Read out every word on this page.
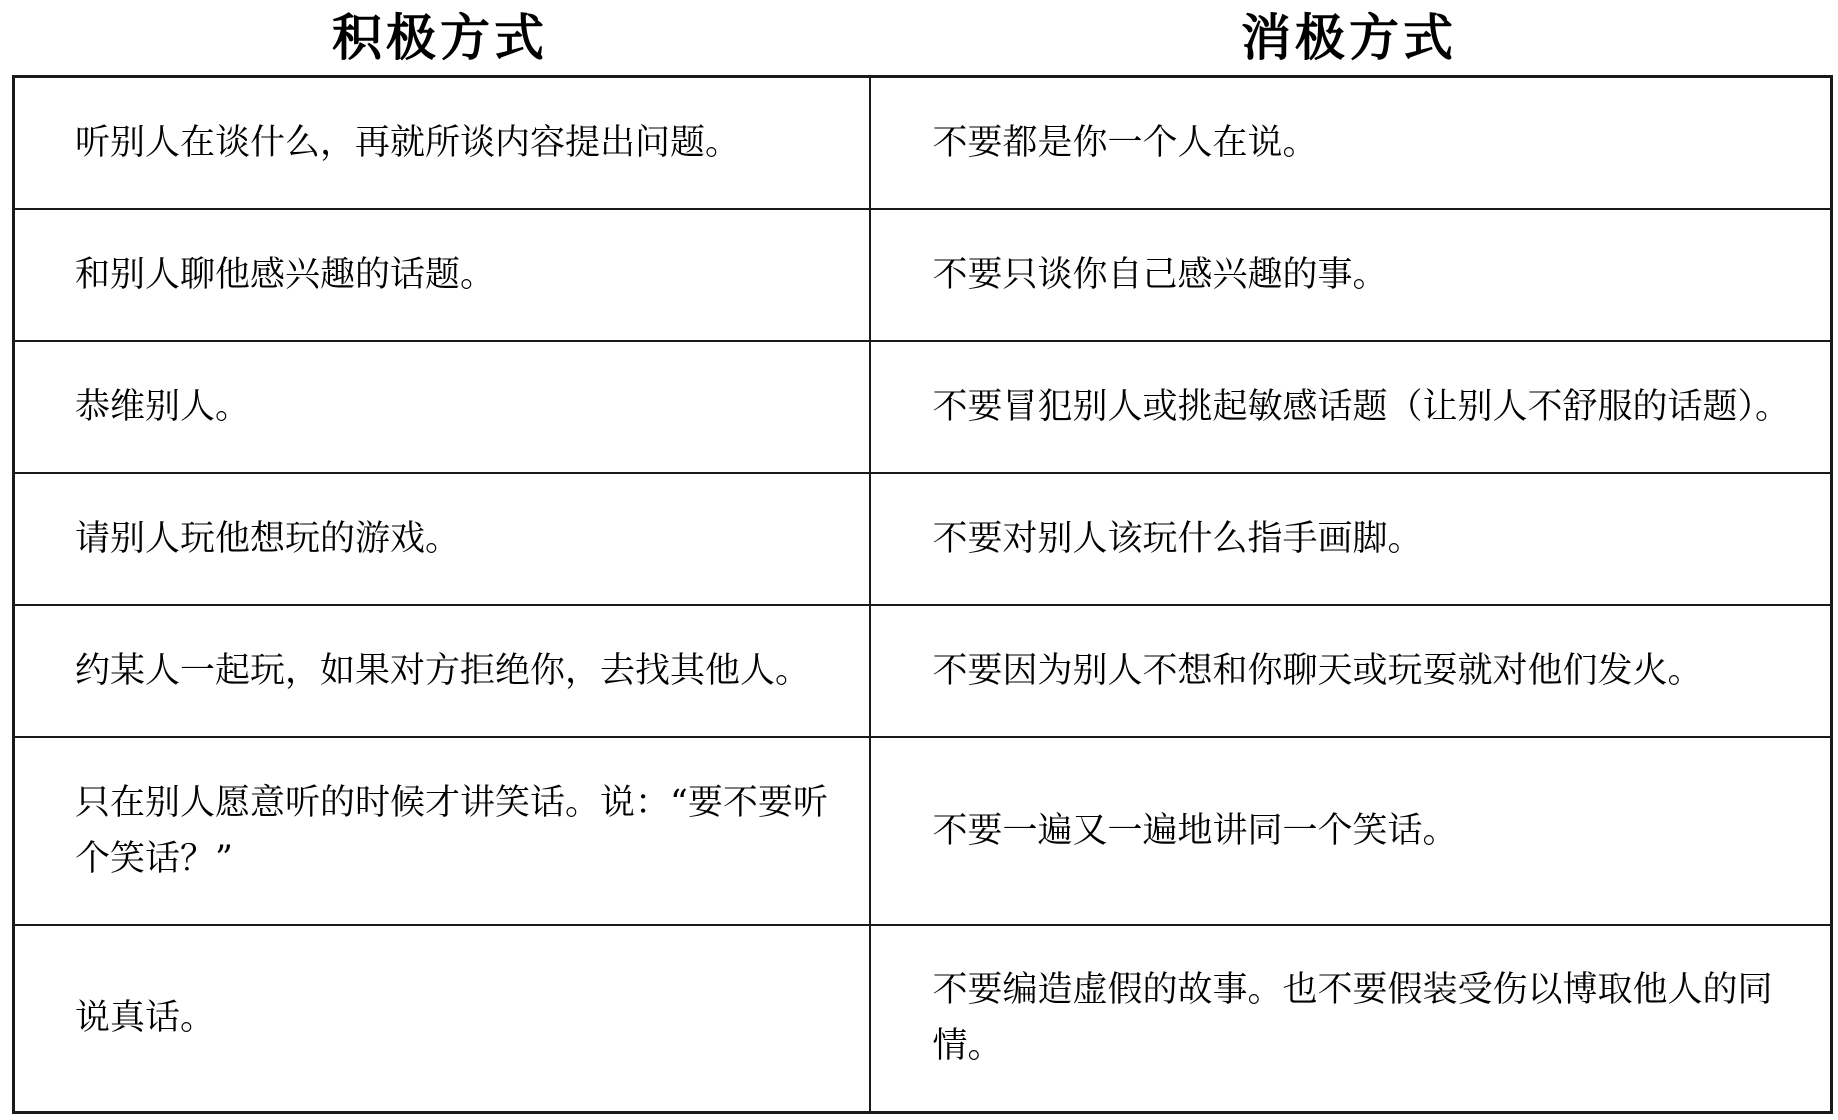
积极方式	消极方式
听别人在谈什么，再就所谈内容提出问题。	不要都是你一个人在说。
和别人聊他感兴趣的话题。	不要只谈你自己感兴趣的事。
恭维别人。	不要冒犯别人或挑起敏感话题（让别人不舒服的话题）。
请别人玩他想玩的游戏。	不要对别人该玩什么指手画脚。
约某人一起玩，如果对方拒绝你，去找其他人。	不要因为别人不想和你聊天或玩耍就对他们发火。
只在别人愿意听的时候才讲笑话。说：“要不要听个笑话？”	不要一遍又一遍地讲同一个笑话。
说真话。	不要编造虚假的故事。也不要假装受伤以博取他人的同情。
